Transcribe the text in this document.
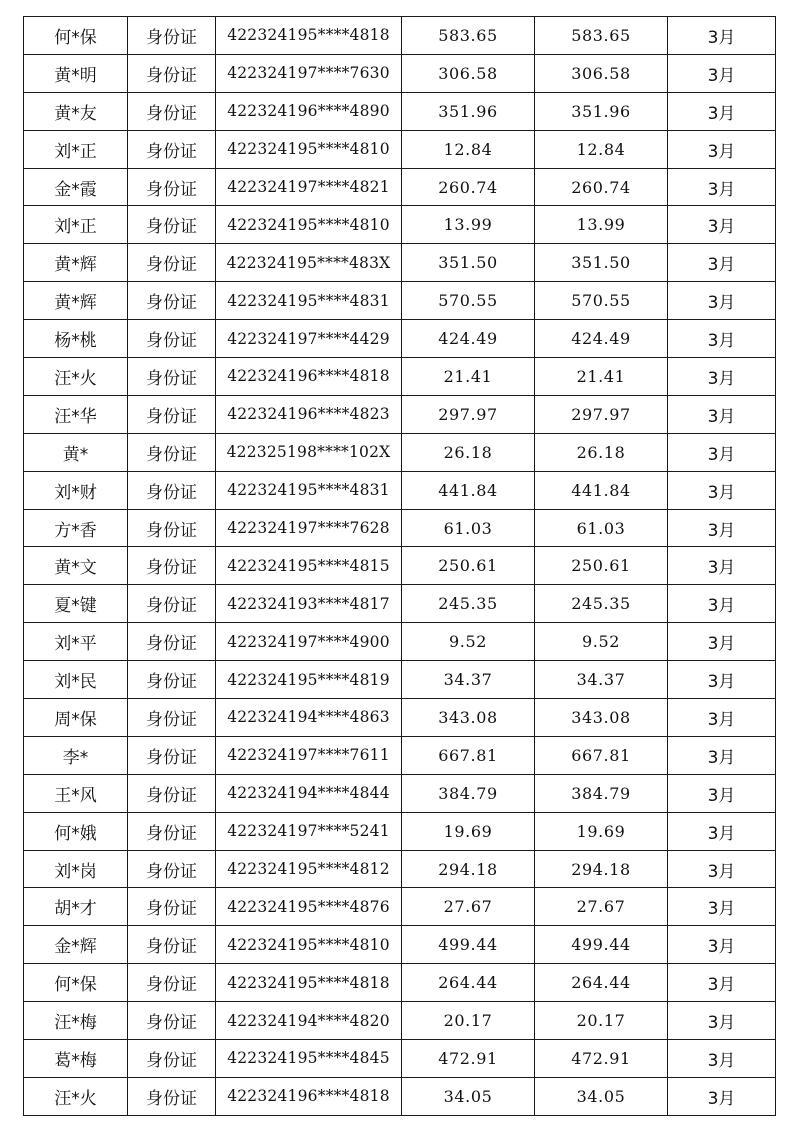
何*保	身份证	422324195****4818	583.65	583.65	3月
黄*明	身份证	422324197****7630	306.58	306.58	3月
黄*友	身份证	422324196****4890	351.96	351.96	3月
刘*正	身份证	422324195****4810	12.84	12.84	3月
金*霞	身份证	422324197****4821	260.74	260.74	3月
刘*正	身份证	422324195****4810	13.99	13.99	3月
黄*辉	身份证	422324195****483X	351.50	351.50	3月
黄*辉	身份证	422324195****4831	570.55	570.55	3月
杨*桃	身份证	422324197****4429	424.49	424.49	3月
汪*火	身份证	422324196****4818	21.41	21.41	3月
汪*华	身份证	422324196****4823	297.97	297.97	3月
黄*	身份证	422325198****102X	26.18	26.18	3月
刘*财	身份证	422324195****4831	441.84	441.84	3月
方*香	身份证	422324197****7628	61.03	61.03	3月
黄*文	身份证	422324195****4815	250.61	250.61	3月
夏*键	身份证	422324193****4817	245.35	245.35	3月
刘*平	身份证	422324197****4900	9.52	9.52	3月
刘*民	身份证	422324195****4819	34.37	34.37	3月
周*保	身份证	422324194****4863	343.08	343.08	3月
李*	身份证	422324197****7611	667.81	667.81	3月
王*风	身份证	422324194****4844	384.79	384.79	3月
何*娥	身份证	422324197****5241	19.69	19.69	3月
刘*岗	身份证	422324195****4812	294.18	294.18	3月
胡*才	身份证	422324195****4876	27.67	27.67	3月
金*辉	身份证	422324195****4810	499.44	499.44	3月
何*保	身份证	422324195****4818	264.44	264.44	3月
汪*梅	身份证	422324194****4820	20.17	20.17	3月
葛*梅	身份证	422324195****4845	472.91	472.91	3月
汪*火	身份证	422324196****4818	34.05	34.05	3月
